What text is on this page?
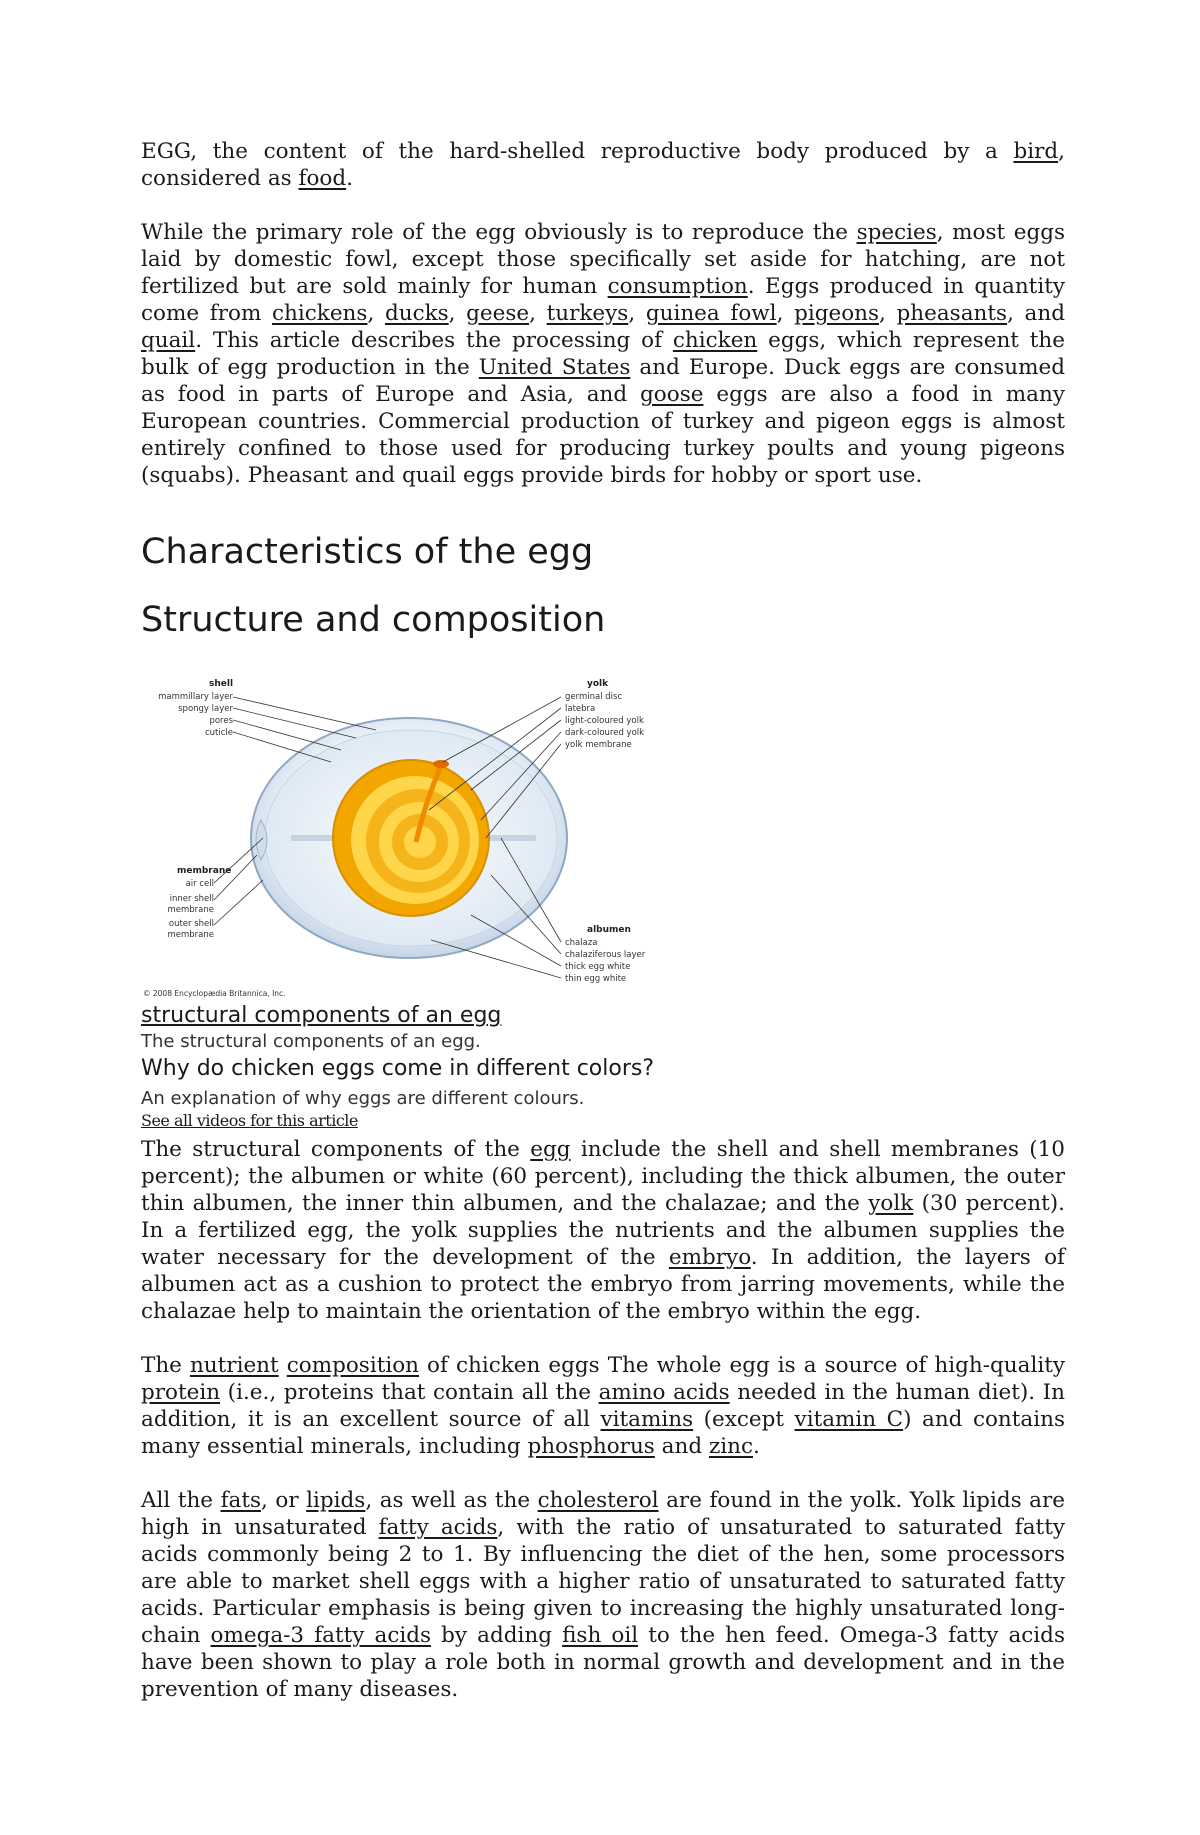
EGG, the content of the hard-shelled reproductive body produced by a bird, considered as food.

While the primary role of the egg obviously is to reproduce the species, most eggs laid by domestic fowl, except those specifically set aside for hatching, are not fertilized but are sold mainly for human consumption. Eggs produced in quantity come from chickens, ducks, geese, turkeys, guinea fowl, pigeons, pheasants, and quail. This article describes the processing of chicken eggs, which represent the bulk of egg production in the United States and Europe. Duck eggs are consumed as food in parts of Europe and Asia, and goose eggs are also a food in many European countries. Commercial production of turkey and pigeon eggs is almost entirely confined to those used for producing turkey poults and young pigeons (squabs). Pheasant and quail eggs provide birds for hobby or sport use.

Characteristics of the egg
Structure and composition
shell
mammillary layer
spongy layer
pores
cuticle
membrane
air cell
inner shell
membrane
outer shell
membrane
yolk
germinal disc
latebra
light-coloured yolk
dark-coloured yolk
yolk membrane
albumen
chalaza
chalaziferous layer
thick egg white
thin egg white
© 2008 Encyclopædia Britannica, Inc.
structural components of an egg
The structural components of an egg.
Why do chicken eggs come in different colors?
An explanation of why eggs are different colours.
See all videos for this article

The structural components of the egg include the shell and shell membranes (10 percent); the albumen or white (60 percent), including the thick albumen, the outer thin albumen, the inner thin albumen, and the chalazae; and the yolk (30 percent). In a fertilized egg, the yolk supplies the nutrients and the albumen supplies the water necessary for the development of the embryo. In addition, the layers of albumen act as a cushion to protect the embryo from jarring movements, while the chalazae help to maintain the orientation of the embryo within the egg.

The nutrient composition of chicken eggs The whole egg is a source of high-quality protein (i.e., proteins that contain all the amino acids needed in the human diet). In addition, it is an excellent source of all vitamins (except vitamin C) and contains many essential minerals, including phosphorus and zinc.

All the fats, or lipids, as well as the cholesterol are found in the yolk. Yolk lipids are high in unsaturated fatty acids, with the ratio of unsaturated to saturated fatty acids commonly being 2 to 1. By influencing the diet of the hen, some processors are able to market shell eggs with a higher ratio of unsaturated to saturated fatty acids. Particular emphasis is being given to increasing the highly unsaturated long-chain omega-3 fatty acids by adding fish oil to the hen feed. Omega-3 fatty acids have been shown to play a role both in normal growth and development and in the prevention of many diseases.
